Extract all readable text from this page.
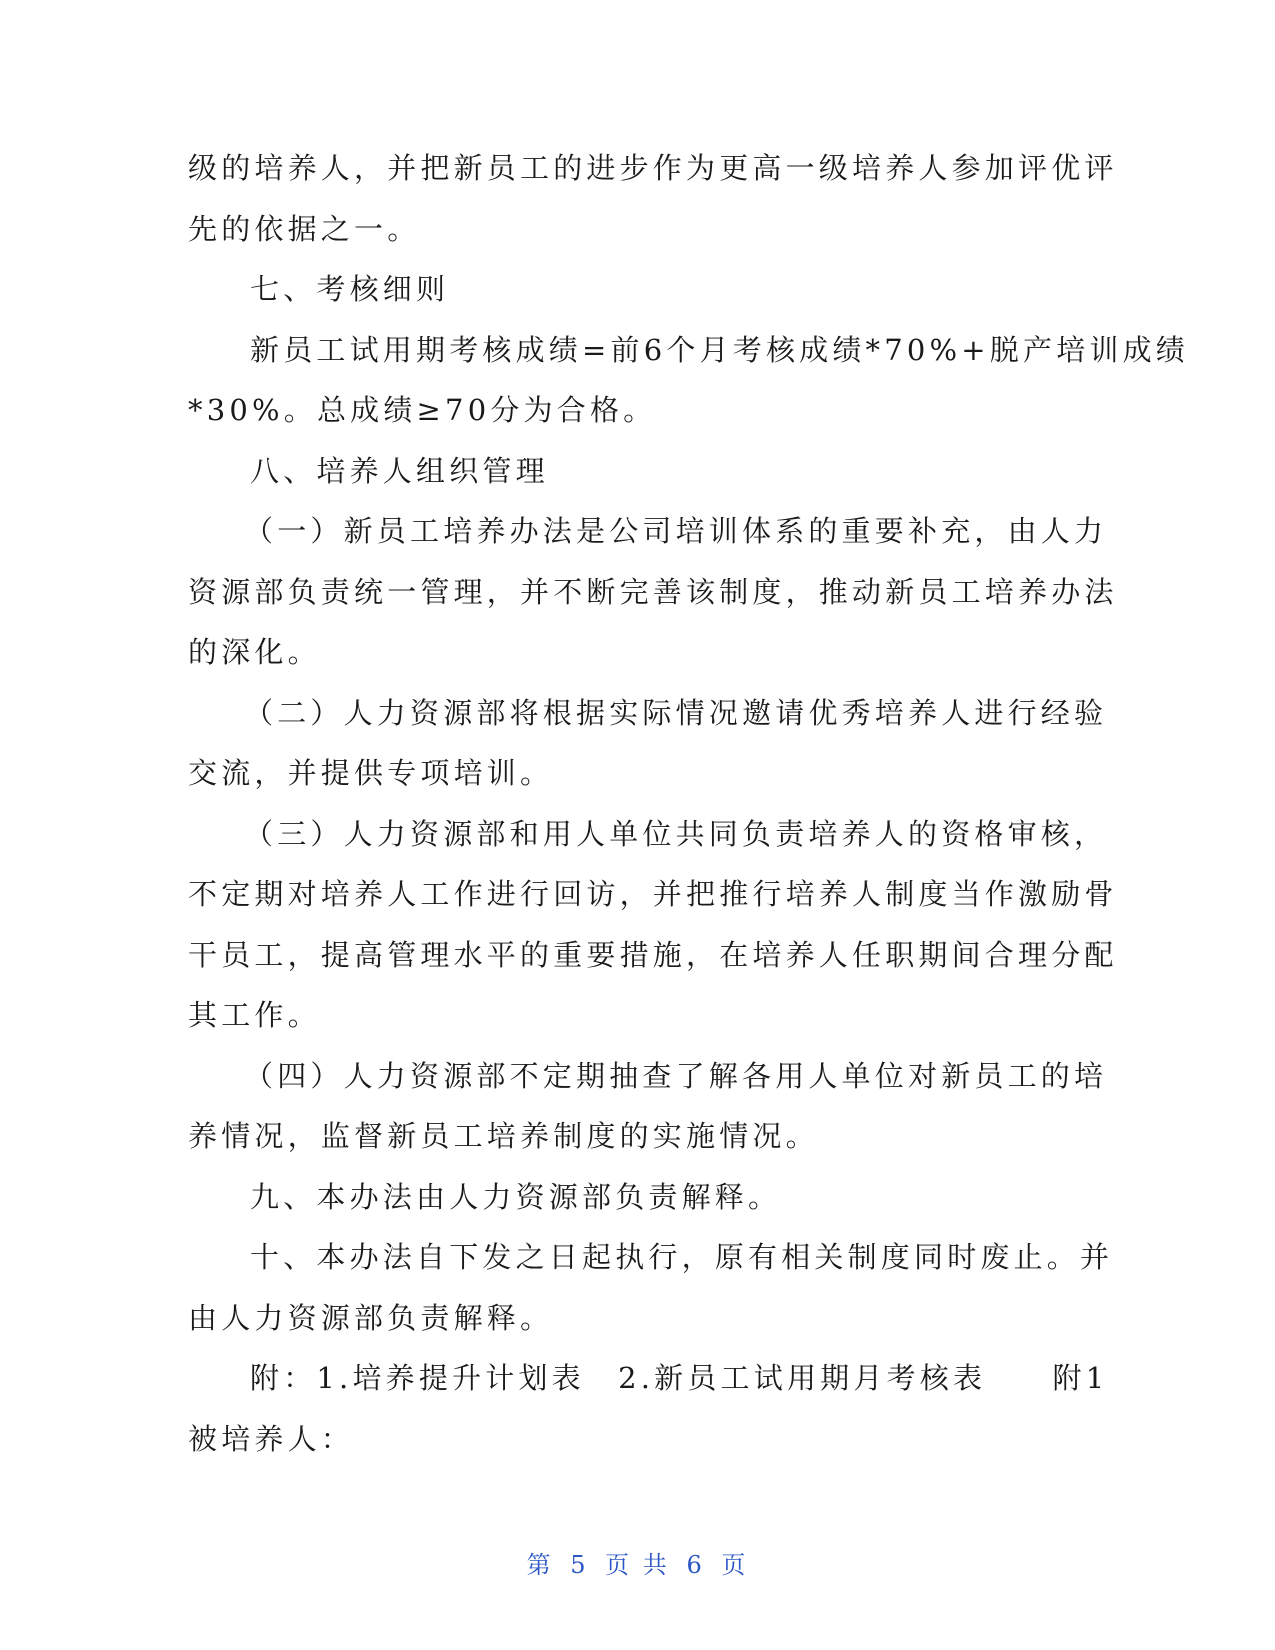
级的培养人，并把新员工的进步作为更高一级培养人参加评优评
先的依据之一。
七、考核细则
新员工试用期考核成绩=前6个月考核成绩*70%+脱产培训成绩
*30%。总成绩≥70分为合格。
八、培养人组织管理
（一）新员工培养办法是公司培训体系的重要补充，由人力
资源部负责统一管理，并不断完善该制度，推动新员工培养办法
的深化。
（二）人力资源部将根据实际情况邀请优秀培养人进行经验
交流，并提供专项培训。
（三）人力资源部和用人单位共同负责培养人的资格审核，
不定期对培养人工作进行回访，并把推行培养人制度当作激励骨
干员工，提高管理水平的重要措施，在培养人任职期间合理分配
其工作。
（四）人力资源部不定期抽查了解各用人单位对新员工的培
养情况，监督新员工培养制度的实施情况。
九、本办法由人力资源部负责解释。
十、本办法自下发之日起执行，原有相关制度同时废止。并
由人力资源部负责解释。
附：1.培养提升计划表　2.新员工试用期月考核表　　附1
被培养人：
第 5 页 共 6 页
